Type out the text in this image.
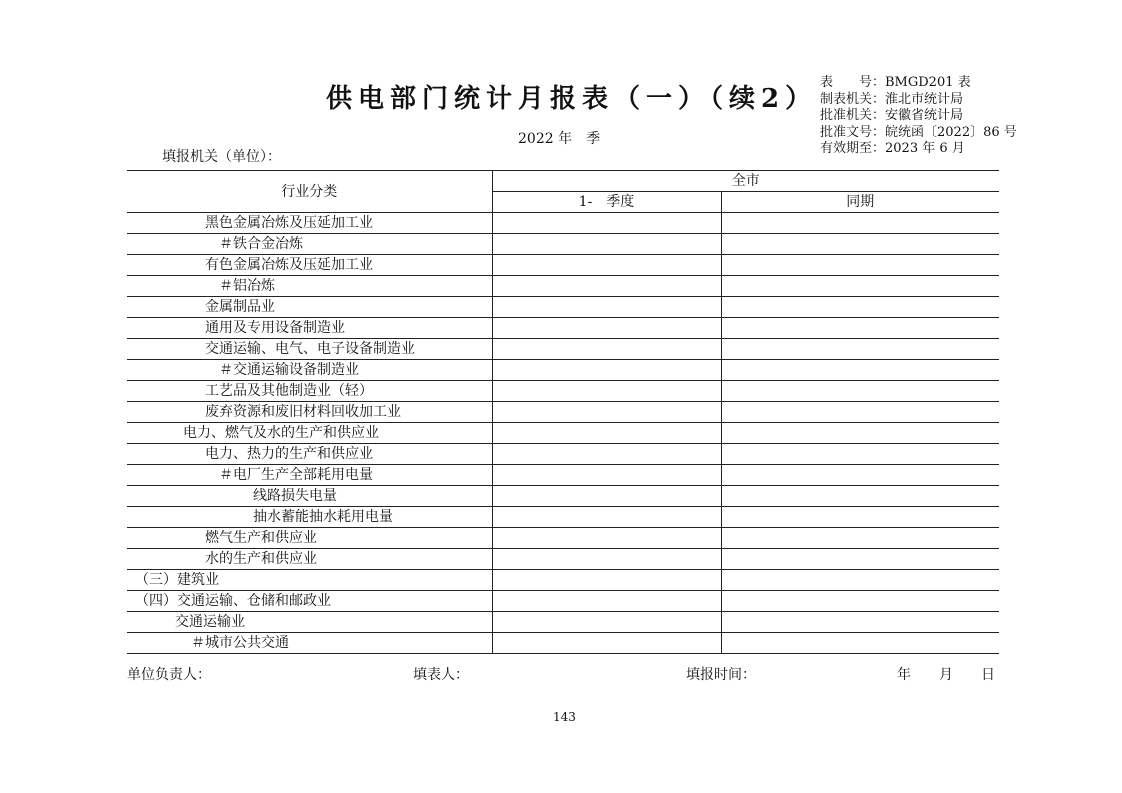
供电部门统计月报表（一）（续2）
表　　号：BMGD201 表
制表机关：淮北市统计局
批准机关：安徽省统计局
批准文号：皖统函〔2022〕86 号
有效期至：2023 年 6 月
2022 年　季
填报机关（单位）：
行业分类	全市	
	1-　季度	同期
黑色金属冶炼及压延加工业		
＃铁合金冶炼		
有色金属冶炼及压延加工业		
＃铝冶炼		
金属制品业		
通用及专用设备制造业		
交通运输、电气、电子设备制造业		
＃交通运输设备制造业		
工艺品及其他制造业（轻）		
废弃资源和废旧材料回收加工业		
电力、燃气及水的生产和供应业		
电力、热力的生产和供应业		
＃电厂生产全部耗用电量		
线路损失电量		
抽水蓄能抽水耗用电量		
燃气生产和供应业		
水的生产和供应业		
（三）建筑业		
（四）交通运输、仓储和邮政业		
交通运输业		
＃城市公共交通		
单位负责人：	填表人：	填报时间：	年 月 日
143
